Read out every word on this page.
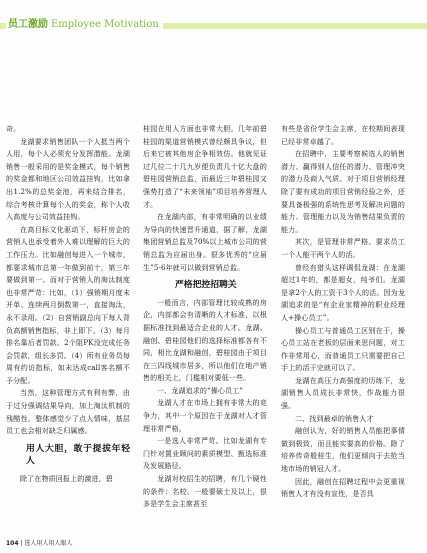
员工激励 Employee Motivation

奇。

龙湖要求销售团队一个人抵当两个人用，每个人必须充分发挥潜能。龙湖销售一般采用的是奖金模式，每个销售的奖金都和地区公司效益挂钩，比如拿出1.2%的总奖金池，再来结合排名，综合考核计算每个人的奖金，称个人收入高度与公司效益挂钩。

在高目标文化驱动下，标杆房企的营销人也承受着外人难以理解的巨大的工作压力。比如融创每进入一个城市，都要求城市总第一年做到前十，第三年要做到第一。而对于营销人的淘汰制度也非常严苛：比如，（1）强销期月度未开单、连续两月倒数第一，直接淘汰，永不录用。（2）自营销副总向下每人背负高额销售指标，非上即下。（3）每月排名靠后者罚款。2个阻PK没完成任务会罚款，组长多罚。（4）所有业务员每周有约访指标，如未达成call客名额不予分配。

当然，这种管理方式有利有弊，由于过分强调结果导向，加上淘汰机制的残酷性，整体感觉少了点人情味，基层员工也会相对缺乏归属感。

用人大胆，敢于提拔年轻人

除了在物质回报上的激进，碧

桂园在用人方面也非常大胆。几年前碧桂园的渠道营销模式曾经颇具争议，但后来它被其他房企争相效仿。他就见证过几位二十几九岁便负责几十亿大盘的碧桂园营销总监，而最近三年碧桂园又强势打造了“未来领袖”项目培养营理人才。

在龙湖内部，有非常明确的以业绩为导向的快速晋升通道，据了解，龙湖集团营销总监及70%以上城市公司的营销总监为应届出身。很多优秀的“应届生”5-6年就可以做到营销总监。

严格把控招聘关

一般而言，内部管理比较成熟的房企，内部都会有清晰的人才标准，以根据标准找到最适合企业的人才。龙湖、融创、碧桂园他们的选择标准都各有不同，相比龙湖和融创，碧桂园由于项目在三四线城市居多，所以他们在地产销售的相关上，门槛相对要低一些。

一、龙湖追求的“操心员工”

龙湖人才在市场上拥有非常大的竞争力，其中一个原因在于龙湖对人才管理非常严格。

一是选人非常严苛。比如龙湖有专门针对置业顾问的素质模型、甄选标准及发展路径。

龙湖对校招生的招聘，有几个硬性的条件：名校、一般要硕士及以上，很多是学生会主席甚至

有些是省份学生会主席，在校期间表现已经非常卓越了。

在招聘中，主要考察候选人的销售潜力、赢得别人信任的潜力、管理冲突的潜力及商人气质。对于项目营销经理除了要有成功的项目营销经验之外，还要具备极强的系统性思考及解决问题的能力、管理能力以及为销售结果负责的能力。

其次，是管理非常严格。要求员工一个人能干两个人的活。

曾经有猎头这样调侃龙湖：在龙湖超过1年的，都是超女，纯爷们。龙湖是拿2个人的工资干3个人的活。因为龙湖追求的是“有企业家精神的职业经理人+操心员工”。

操心员工与普通员工区别在于，操心员工站在老板的层面来思问题，对工作非常用心，而普通员工只需要把自己手上的活干完就可以了。

龙湖在高压力高强度的历练下，龙湖销售人员成长非常快，作战能力很强。

二、找到最卓的销售人才

融创认为，好的销售人员能把事情做到极致，而且能实要高的价格。除了培养传奇般桂生，他们更倾向于去抢当地市场的销冠人才。

因此，融创在招聘过程中会更重视销售人才有没有宣性，是否具

104 | 选人用人用人眼人
